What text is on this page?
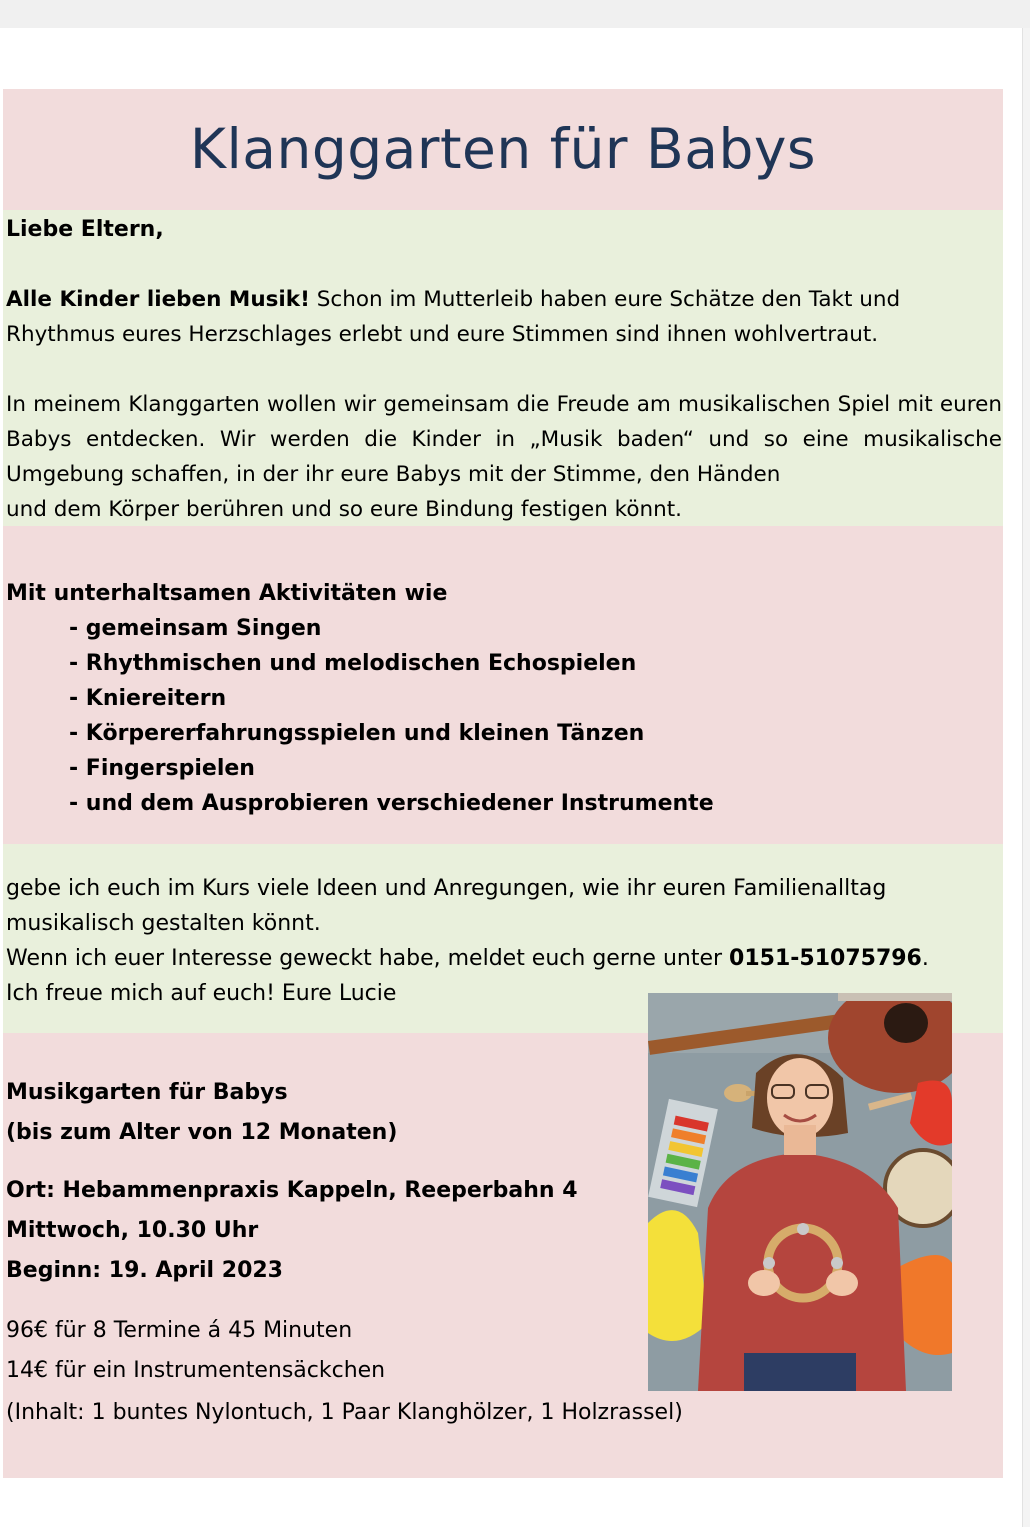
Klanggarten für Babys
Liebe Eltern,
Alle Kinder lieben Musik! Schon im Mutterleib haben eure Schätze den Takt und
Rhythmus eures Herzschlages erlebt und eure Stimmen sind ihnen wohlvertraut.
In meinem Klanggarten wollen wir gemeinsam die Freude am musikalischen Spiel mit euren Babys entdecken. Wir werden die Kinder in „Musik baden“ und so eine musikalische Umgebung schaffen, in der ihr eure Babys mit der Stimme, den Händen
und dem Körper berühren und so eure Bindung festigen könnt.
Mit unterhaltsamen Aktivitäten wie
- gemeinsam Singen
- Rhythmischen und melodischen Echospielen
- Kniereitern
- Körpererfahrungsspielen und kleinen Tänzen
- Fingerspielen
- und dem Ausprobieren verschiedener Instrumente
gebe ich euch im Kurs viele Ideen und Anregungen, wie ihr euren Familienalltag
musikalisch gestalten könnt.
Wenn ich euer Interesse geweckt habe, meldet euch gerne unter 0151-51075796.
Ich freue mich auf euch! Eure Lucie
Musikgarten für Babys
(bis zum Alter von 12 Monaten)
Ort: Hebammenpraxis Kappeln, Reeperbahn 4
Mittwoch, 10.30 Uhr
Beginn: 19. April 2023
96€ für 8 Termine á 45 Minuten
14€ für ein Instrumentensäckchen
(Inhalt: 1 buntes Nylontuch, 1 Paar Klanghölzer, 1 Holzrassel)
